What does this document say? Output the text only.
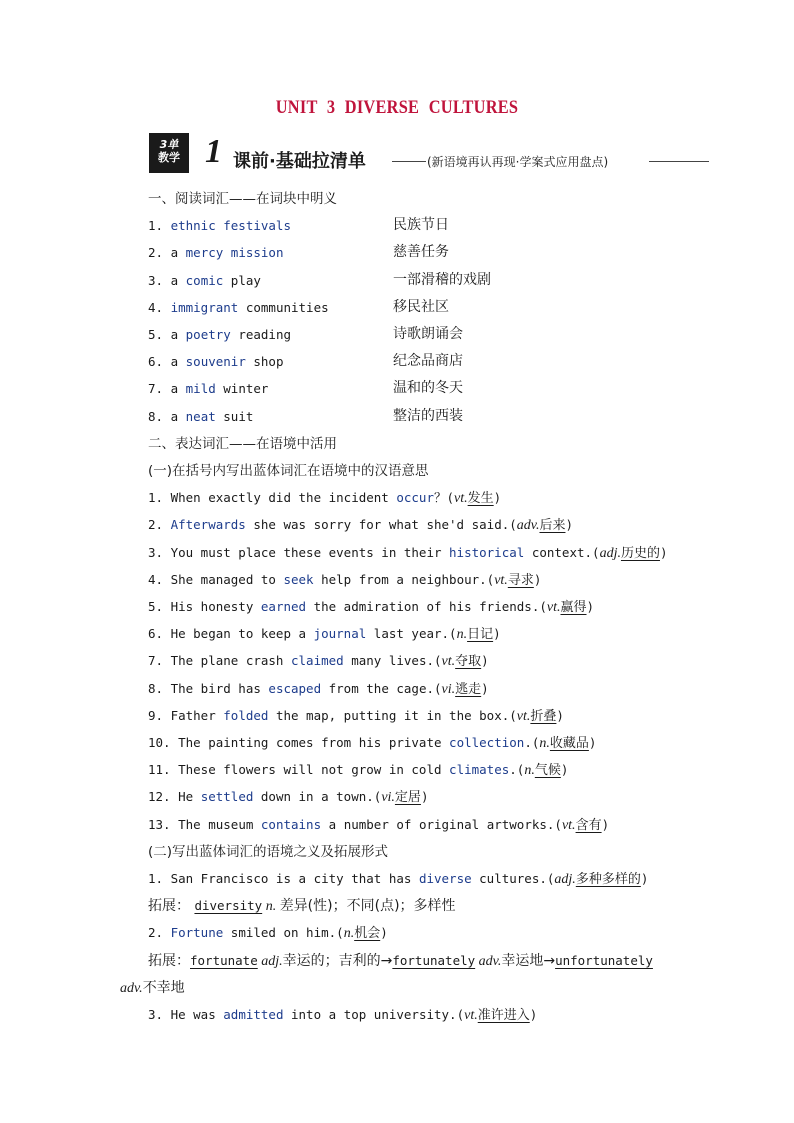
UNIT 3 DIVERSE CULTURES
3单
教学 1 课前·基础拉清单	(新语境再认再现·学案式应用盘点)
一、阅读词汇——在词块中明义
1. ethnic festivals	民族节日
2. a mercy mission	慈善任务
3. a comic play	一部滑稽的戏剧
4. immigrant communities	移民社区
5. a poetry reading	诗歌朗诵会
6. a souvenir shop	纪念品商店
7. a mild winter	温和的冬天
8. a neat suit	整洁的西装
二、表达词汇——在语境中活用
(一)在括号内写出蓝体词汇在语境中的汉语意思
1. When exactly did the incident occur？(vt.发生)
2. Afterwards she was sorry for what she'd said.(adv.后来)
3. You must place these events in their historical context.(adj.历史的)
4. She managed to seek help from a neighbour.(vt.寻求)
5. His honesty earned the admiration of his friends.(vt.赢得)
6. He began to keep a journal last year.(n.日记)
7. The plane crash claimed many lives.(vt.夺取)
8. The bird has escaped from the cage.(vi.逃走)
9. Father folded the map, putting it in the box.(vt.折叠)
10. The painting comes from his private collection.(n.收藏品)
11. These flowers will not grow in cold climates.(n.气候)
12. He settled down in a town.(vi.定居)
13. The museum contains a number of original artworks.(vt.含有)
(二)写出蓝体词汇的语境之义及拓展形式
1. San Francisco is a city that has diverse cultures.(adj.多种多样的)
拓展： diversity n. 差异(性)；不同(点)；多样性
2. Fortune smiled on him.(n.机会)
拓展：fortunate adj.幸运的；吉利的→fortunately adv.幸运地→unfortunately
adv.不幸地
3. He was admitted into a top university.(vt.准许进入)
